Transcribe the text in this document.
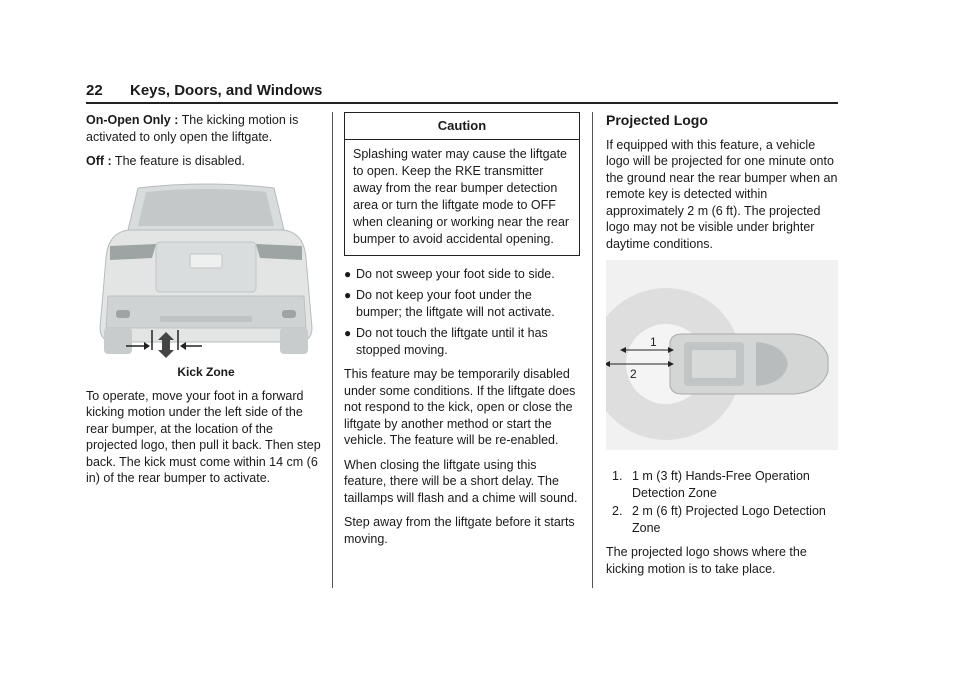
22 Keys, Doors, and Windows
On-Open Only : The kicking motion is activated to only open the liftgate.
Off : The feature is disabled.
Kick Zone
To operate, move your foot in a forward kicking motion under the left side of the rear bumper, at the location of the projected logo, then pull it back. Then step back. The kick must come within 14 cm (6 in) of the rear bumper to activate.
Caution
Splashing water may cause the liftgate to open. Keep the RKE transmitter away from the rear bumper detection area or turn the liftgate mode to OFF when cleaning or working near the rear bumper to avoid accidental opening.
● Do not sweep your foot side to side.
● Do not keep your foot under the bumper; the liftgate will not activate.
● Do not touch the liftgate until it has stopped moving.
This feature may be temporarily disabled under some conditions. If the liftgate does not respond to the kick, open or close the liftgate by another method or start the vehicle. The feature will be re-enabled.
When closing the liftgate using this feature, there will be a short delay. The taillamps will flash and a chime will sound.
Step away from the liftgate before it starts moving.
Projected Logo
If equipped with this feature, a vehicle logo will be projected for one minute onto the ground near the rear bumper when an remote key is detected within approximately 2 m (6 ft). The projected logo may not be visible under brighter daytime conditions.
1
2
1. 1 m (3 ft) Hands-Free Operation Detection Zone
2. 2 m (6 ft) Projected Logo Detection Zone
The projected logo shows where the kicking motion is to take place.
